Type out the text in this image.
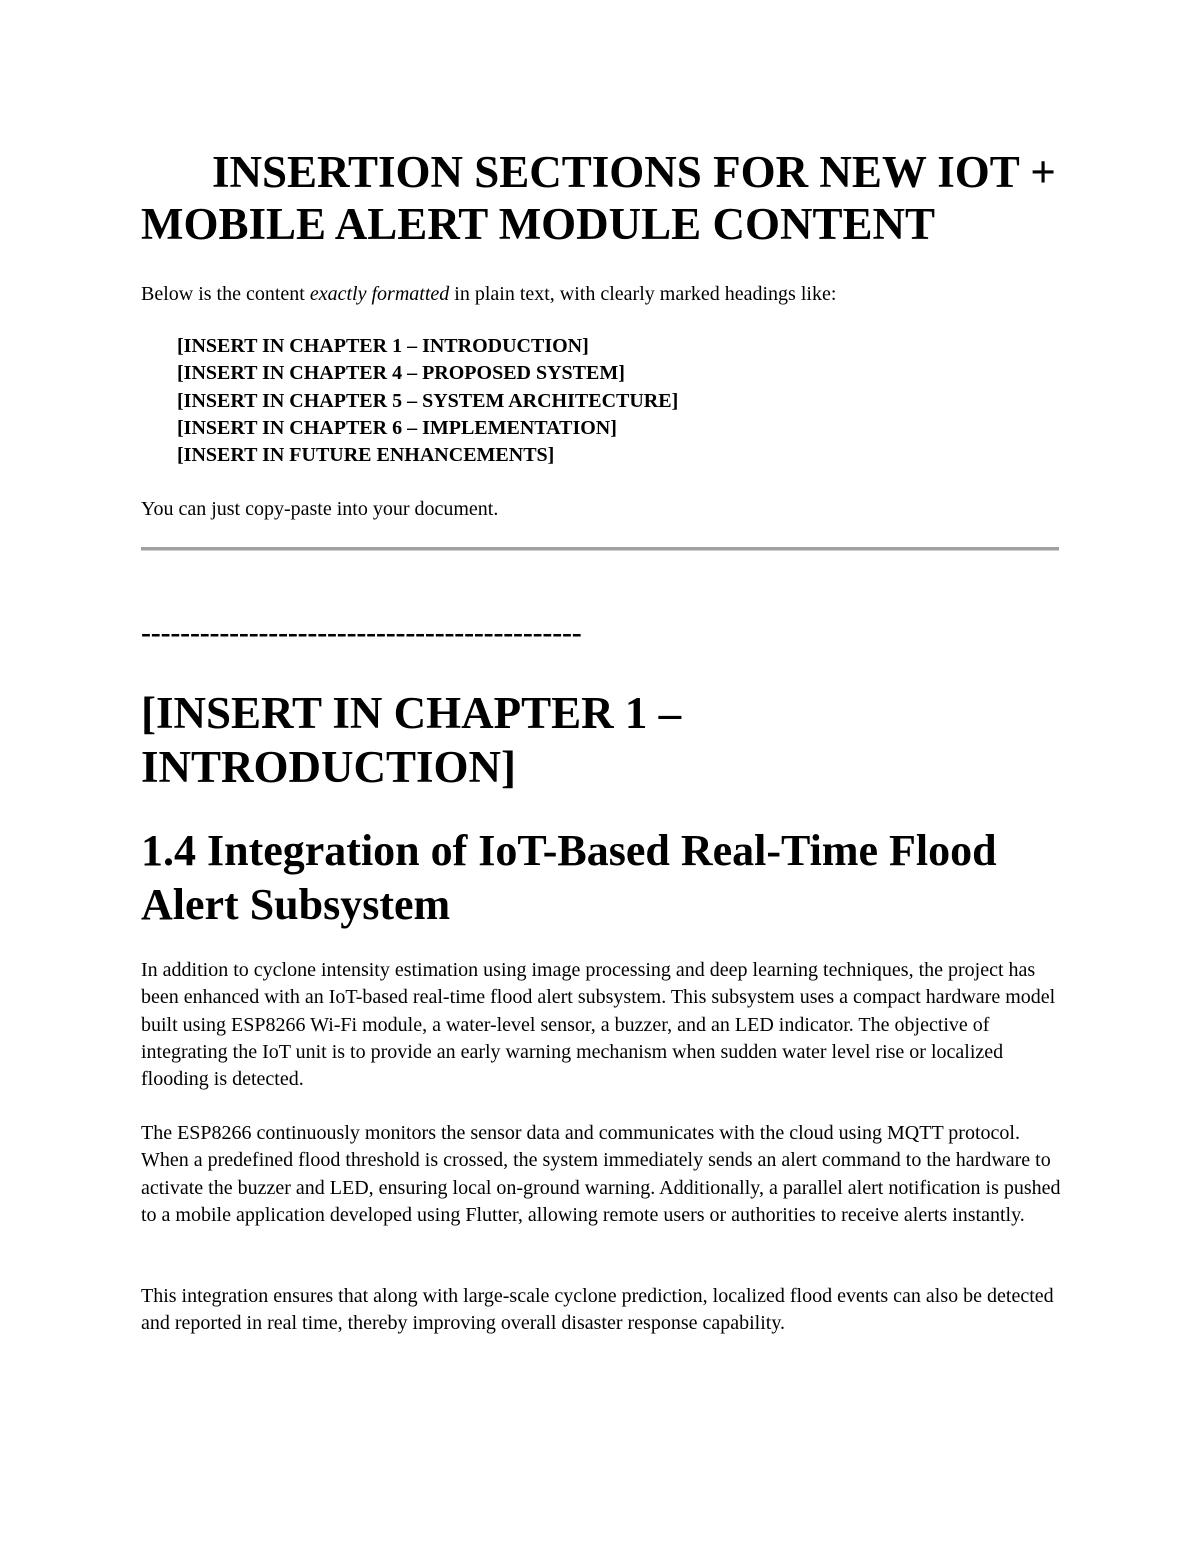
INSERTION SECTIONS FOR NEW IOT + MOBILE ALERT MODULE CONTENT

Below is the content exactly formatted in plain text, with clearly marked headings like:

[INSERT IN CHAPTER 1 – INTRODUCTION]
[INSERT IN CHAPTER 4 – PROPOSED SYSTEM]
[INSERT IN CHAPTER 5 – SYSTEM ARCHITECTURE]
[INSERT IN CHAPTER 6 – IMPLEMENTATION]
[INSERT IN FUTURE ENHANCEMENTS]

You can just copy-paste into your document.

---------------------------------------------

[INSERT IN CHAPTER 1 – INTRODUCTION]
1.4 Integration of IoT-Based Real-Time Flood Alert Subsystem

In addition to cyclone intensity estimation using image processing and deep learning techniques, the project has been enhanced with an IoT-based real-time flood alert subsystem. This subsystem uses a compact hardware model built using ESP8266 Wi-Fi module, a water-level sensor, a buzzer, and an LED indicator. The objective of integrating the IoT unit is to provide an early warning mechanism when sudden water level rise or localized flooding is detected.

The ESP8266 continuously monitors the sensor data and communicates with the cloud using MQTT protocol. When a predefined flood threshold is crossed, the system immediately sends an alert command to the hardware to activate the buzzer and LED, ensuring local on-ground warning. Additionally, a parallel alert notification is pushed to a mobile application developed using Flutter, allowing remote users or authorities to receive alerts instantly.

This integration ensures that along with large-scale cyclone prediction, localized flood events can also be detected and reported in real time, thereby improving overall disaster response capability.
